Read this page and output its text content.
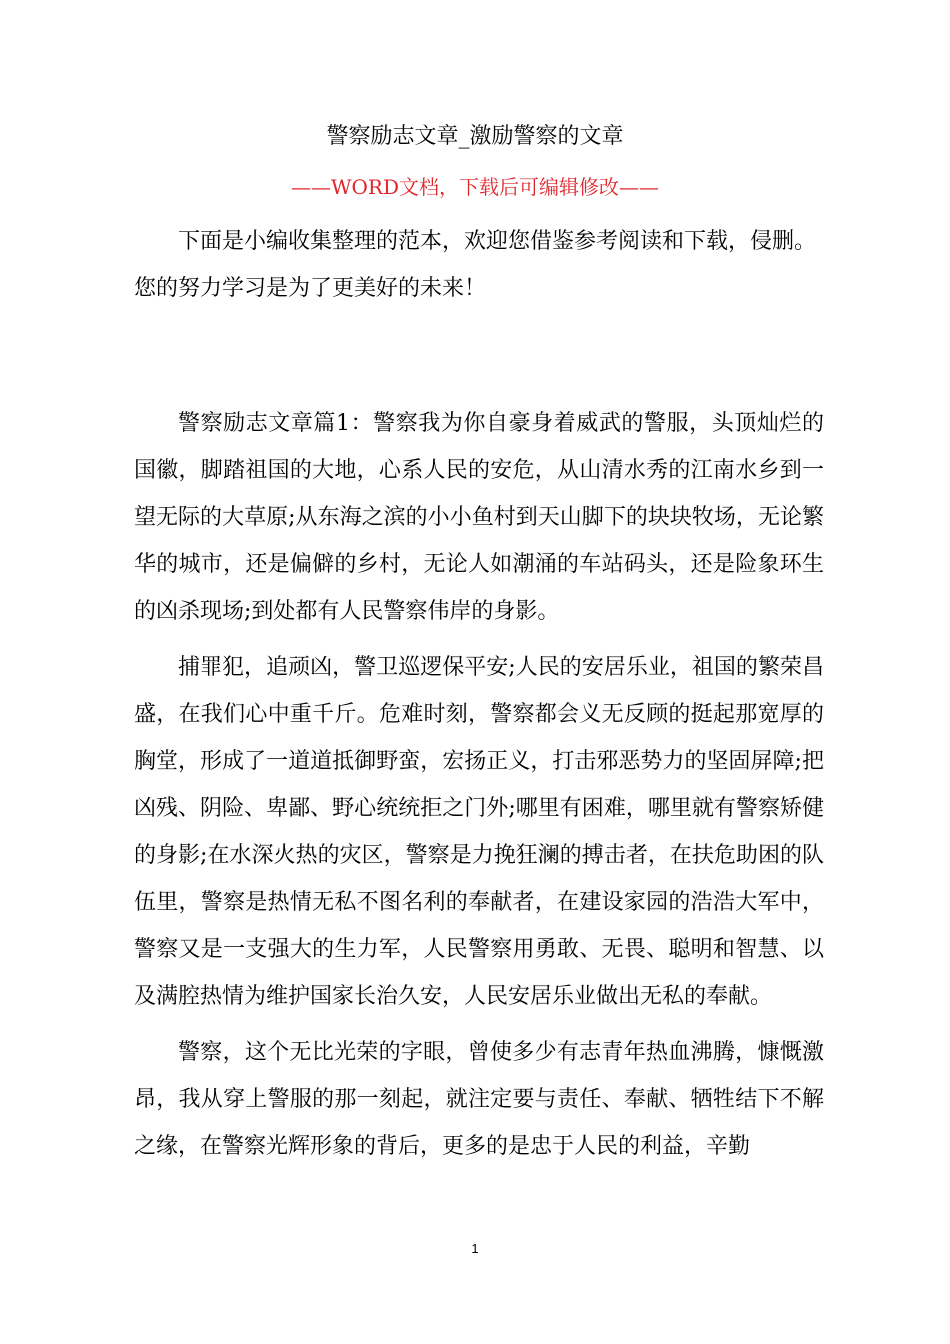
警察励志文章_激励警察的文章
——WORD文档，下载后可编辑修改——

下面是小编收集整理的范本，欢迎您借鉴参考阅读和下载，侵删。

您的努力学习是为了更美好的未来！

警察励志文章篇1：警察我为你自豪身着威武的警服，头顶灿烂的国徽，脚踏祖国的大地，心系人民的安危，从山清水秀的江南水乡到一望无际的大草原;从东海之滨的小小鱼村到天山脚下的块块牧场，无论繁华的城市，还是偏僻的乡村，无论人如潮涌的车站码头，还是险象环生的凶杀现场;到处都有人民警察伟岸的身影。

捕罪犯，追顽凶，警卫巡逻保平安;人民的安居乐业，祖国的繁荣昌盛，在我们心中重千斤。危难时刻，警察都会义无反顾的挺起那宽厚的胸堂，形成了一道道抵御野蛮，宏扬正义，打击邪恶势力的坚固屏障;把凶残、阴险、卑鄙、野心统统拒之门外;哪里有困难，哪里就有警察矫健的身影;在水深火热的灾区，警察是力挽狂澜的搏击者，在扶危助困的队伍里，警察是热情无私不图名利的奉献者，在建设家园的浩浩大军中，警察又是一支强大的生力军，人民警察用勇敢、无畏、聪明和智慧、以及满腔热情为维护国家长治久安，人民安居乐业做出无私的奉献。

警察，这个无比光荣的字眼，曾使多少有志青年热血沸腾，慷慨激昂，我从穿上警服的那一刻起，就注定要与责任、奉献、牺牲结下不解之缘，在警察光辉形象的背后，更多的是忠于人民的利益，辛勤

1
